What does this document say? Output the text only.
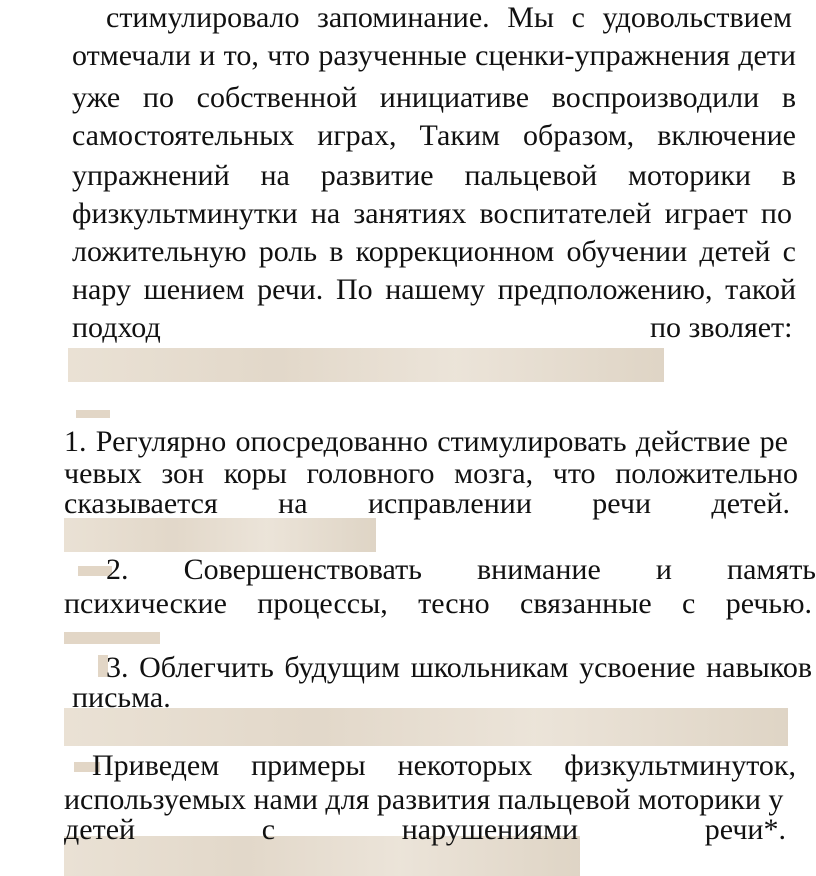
стимулировало запоминание. Мы с удовольствием
отмечали и то, что разученные сценки-упражнения дети
уже по собственной инициативе воспроизводили в
самостоятельных играх, Таким образом, включение
упражнений на развитие пальцевой моторики в
физкультминутки на занятиях воспитателей играет по
ложительную роль в коррекционном обучении детей с
нару шением речи. По нашему предположению, такой
подход	по зволяет:
1. Регулярно опосредованно стимулировать действие ре
чевых зон коры головного мозга, что положительно
сказывается на исправлении речи детей.
2. Совершенствовать внимание и память
психические процессы, тесно связанные с речью.
3. Облегчить будущим школьникам усвоение навыков
письма.
Приведем примеры некоторых физкультминуток,
используемых нами для развития пальцевой моторики у
детей с нарушениями речи*.
